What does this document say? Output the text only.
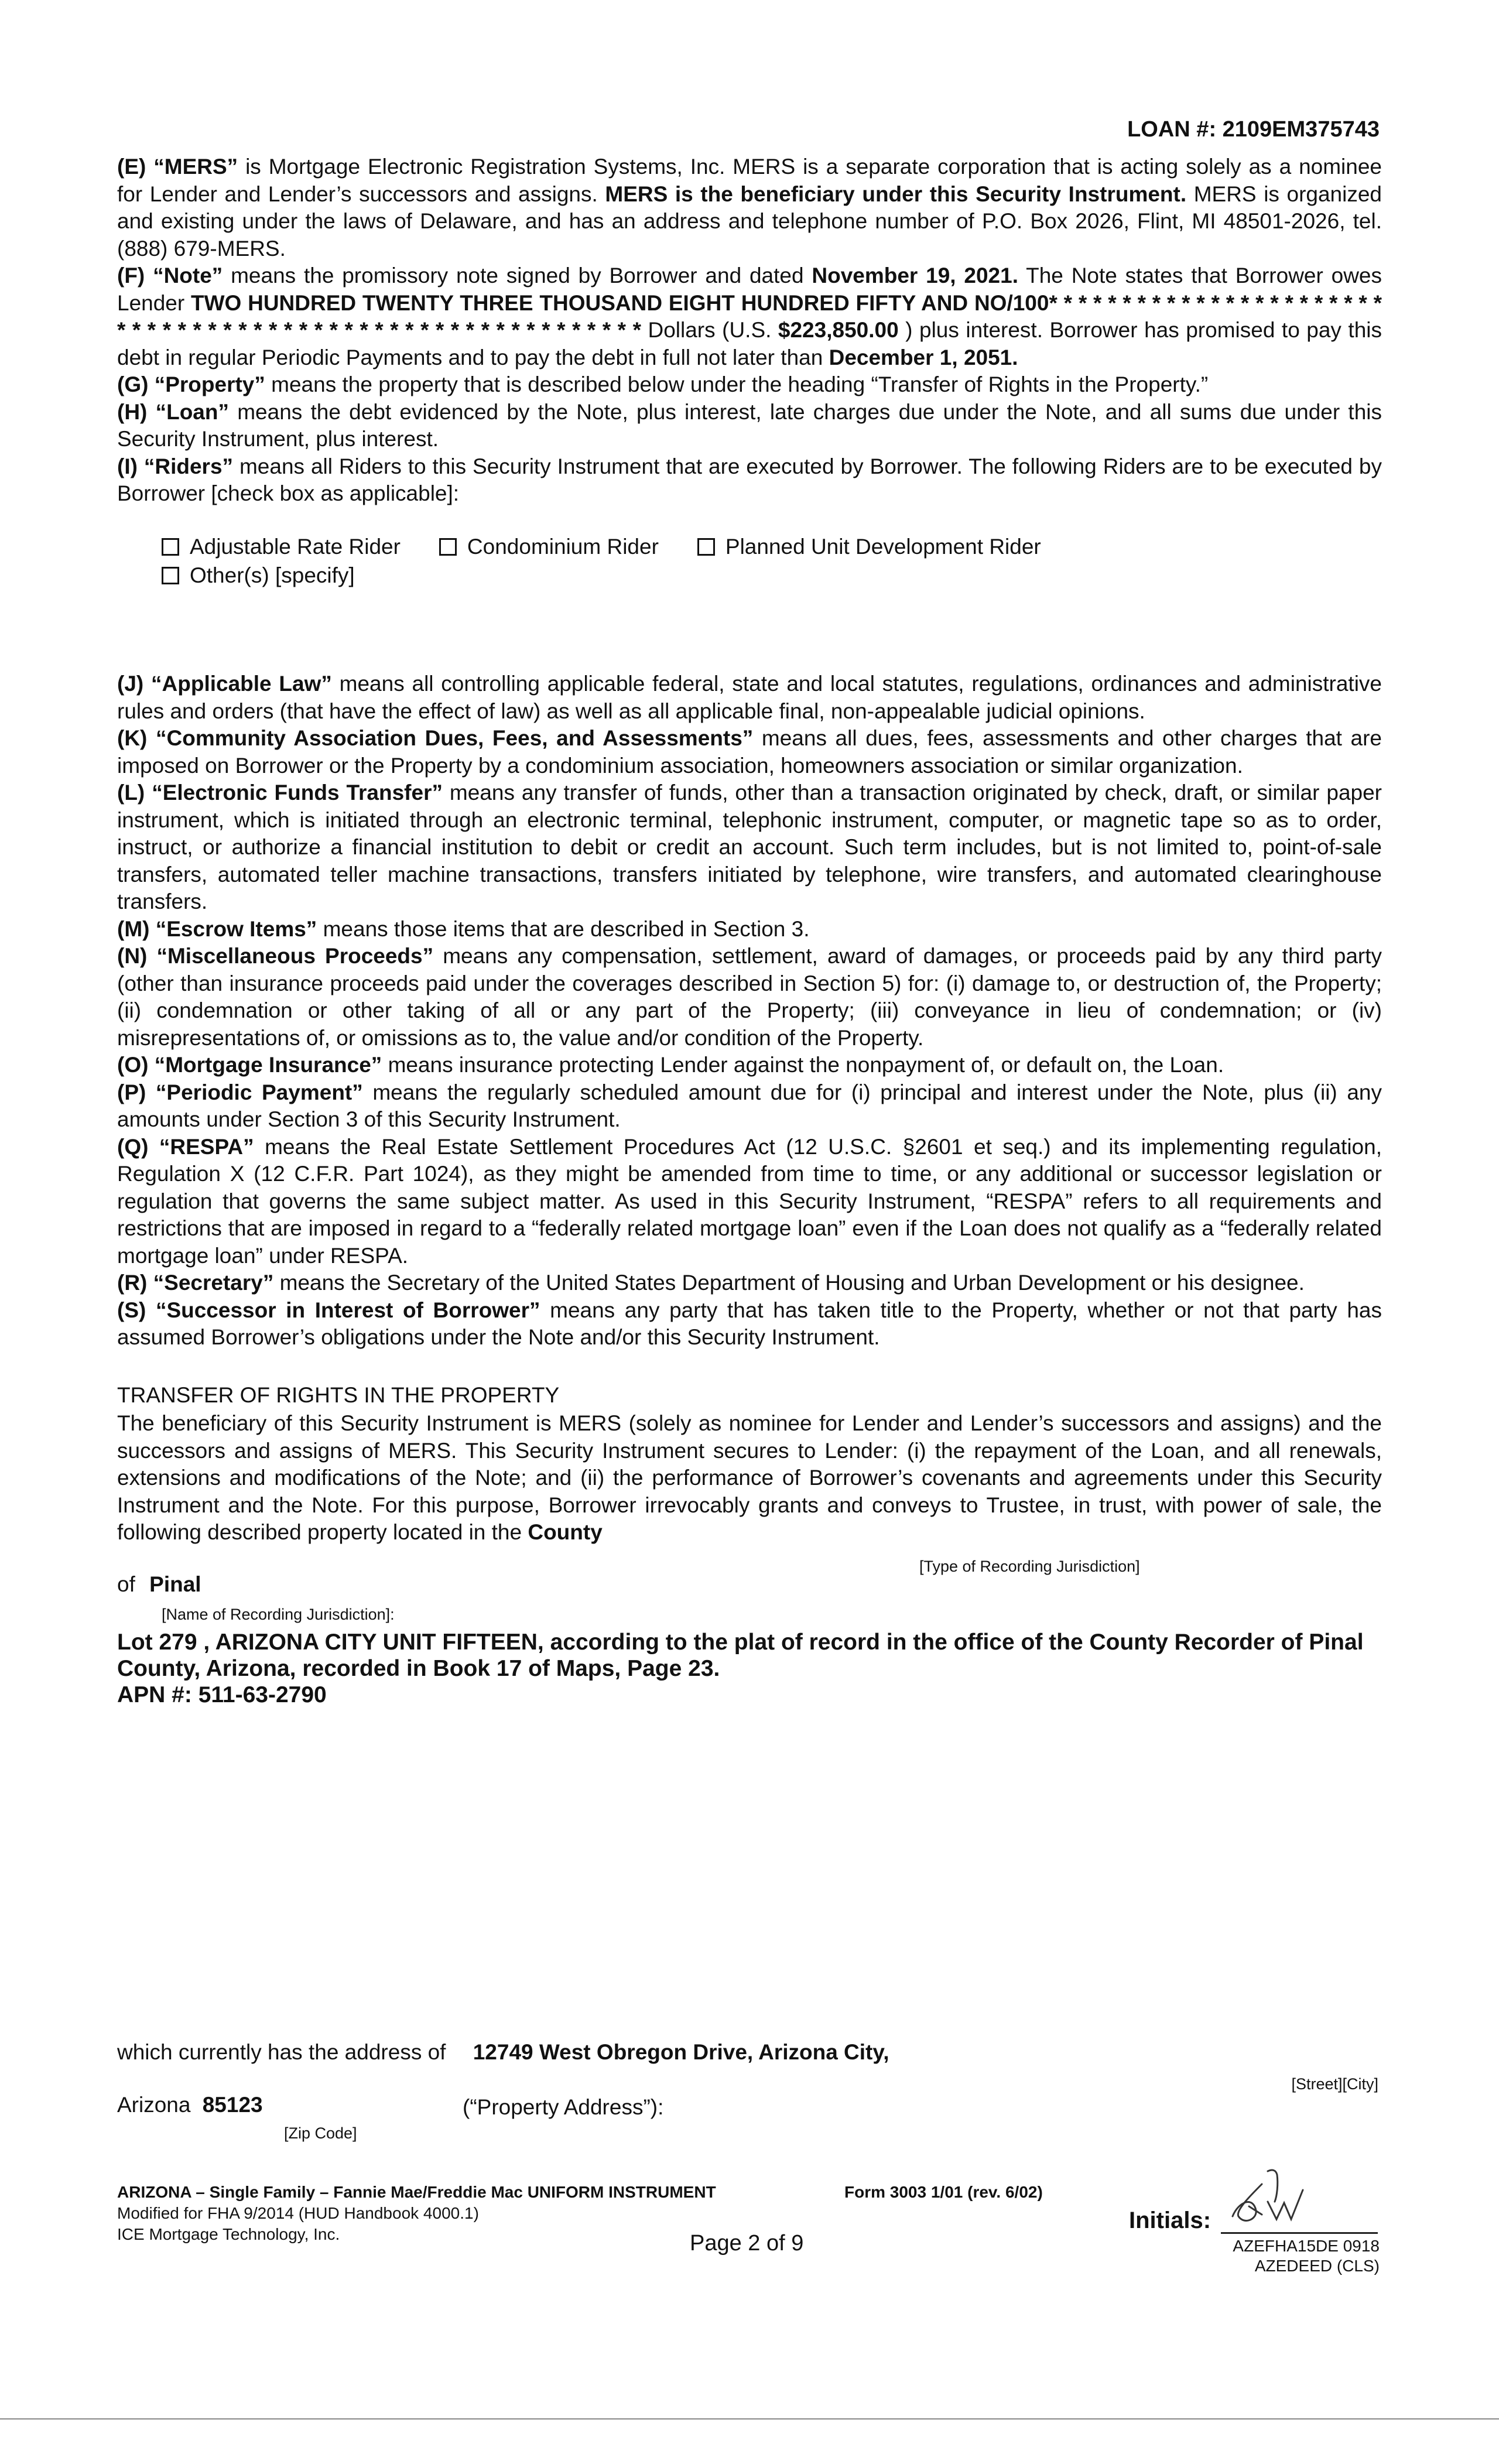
LOAN #: 2109EM375743

(E) “MERS” is Mortgage Electronic Registration Systems, Inc. MERS is a separate corporation that is acting solely as a nominee for Lender and Lender’s successors and assigns. MERS is the beneficiary under this Security Instrument. MERS is organized and existing under the laws of Delaware, and has an address and telephone number of P.O. Box 2026, Flint, MI 48501-2026, tel. (888) 679-MERS.

(F) “Note” means the promissory note signed by Borrower and dated November 19, 2021. The Note states that Borrower owes Lender TWO HUNDRED TWENTY THREE THOUSAND EIGHT HUNDRED FIFTY AND NO/100* * * * * * * * * * * * * * * * * * * * * * * * * * * * * * * * * * * * * * * * * * * * * * * * * * * * * * * * * * Dollars (U.S. $223,850.00 ) plus interest. Borrower has promised to pay this debt in regular Periodic Payments and to pay the debt in full not later than December 1, 2051.

(G) “Property” means the property that is described below under the heading “Transfer of Rights in the Property.”

(H) “Loan” means the debt evidenced by the Note, plus interest, late charges due under the Note, and all sums due under this Security Instrument, plus interest.

(I) “Riders” means all Riders to this Security Instrument that are executed by Borrower. The following Riders are to be executed by Borrower [check box as applicable]:

Adjustable Rate Rider	Condominium Rider	Planned Unit Development Rider
Other(s) [specify]

(J) “Applicable Law” means all controlling applicable federal, state and local statutes, regulations, ordinances and administrative rules and orders (that have the effect of law) as well as all applicable final, non-appealable judicial opinions.

(K) “Community Association Dues, Fees, and Assessments” means all dues, fees, assessments and other charges that are imposed on Borrower or the Property by a condominium association, homeowners association or similar organization.

(L) “Electronic Funds Transfer” means any transfer of funds, other than a transaction originated by check, draft, or similar paper instrument, which is initiated through an electronic terminal, telephonic instrument, computer, or magnetic tape so as to order, instruct, or authorize a financial institution to debit or credit an account. Such term includes, but is not limited to, point-of-sale transfers, automated teller machine transactions, transfers initiated by telephone, wire transfers, and automated clearinghouse transfers.

(M) “Escrow Items” means those items that are described in Section 3.

(N) “Miscellaneous Proceeds” means any compensation, settlement, award of damages, or proceeds paid by any third party (other than insurance proceeds paid under the coverages described in Section 5) for: (i) damage to, or destruction of, the Property; (ii) condemnation or other taking of all or any part of the Property; (iii) conveyance in lieu of condemnation; or (iv) misrepresentations of, or omissions as to, the value and/or condition of the Property.

(O) “Mortgage Insurance” means insurance protecting Lender against the nonpayment of, or default on, the Loan.

(P) “Periodic Payment” means the regularly scheduled amount due for (i) principal and interest under the Note, plus (ii) any amounts under Section 3 of this Security Instrument.

(Q) “RESPA” means the Real Estate Settlement Procedures Act (12 U.S.C. §2601 et seq.) and its implementing regulation, Regulation X (12 C.F.R. Part 1024), as they might be amended from time to time, or any additional or successor legislation or regulation that governs the same subject matter. As used in this Security Instrument, “RESPA” refers to all requirements and restrictions that are imposed in regard to a “federally related mortgage loan” even if the Loan does not qualify as a “federally related mortgage loan” under RESPA.

(R) “Secretary” means the Secretary of the United States Department of Housing and Urban Development or his designee.

(S) “Successor in Interest of Borrower” means any party that has taken title to the Property, whether or not that party has assumed Borrower’s obligations under the Note and/or this Security Instrument.

TRANSFER OF RIGHTS IN THE PROPERTY

The beneficiary of this Security Instrument is MERS (solely as nominee for Lender and Lender’s successors and assigns) and the successors and assigns of MERS. This Security Instrument secures to Lender: (i) the repayment of the Loan, and all renewals, extensions and modifications of the Note; and (ii) the performance of Borrower’s covenants and agreements under this Security Instrument and the Note. For this purpose, Borrower irrevocably grants and conveys to Trustee, in trust, with power of sale, the following described property located in the County

[Type of Recording Jurisdiction]
of Pinal
[Name of Recording Jurisdiction]:

Lot 279 , ARIZONA CITY UNIT FIFTEEN, according to the plat of record in the office of the County Recorder of Pinal County, Arizona, recorded in Book 17 of Maps, Page 23.

APN #: 511-63-2790

which currently has the address of 12749 West Obregon Drive, Arizona City,
[Street][City]
Arizona 85123	(“Property Address”):
[Zip Code]
ARIZONA – Single Family – Fannie Mae/Freddie Mac UNIFORM INSTRUMENT	Form 3003 1/01 (rev. 6/02)
Modified for FHA 9/2014 (HUD Handbook 4000.1)
ICE Mortgage Technology, Inc.	Page 2 of 9
Initials:
AZEFHA15DE 0918
AZEDEED (CLS)
